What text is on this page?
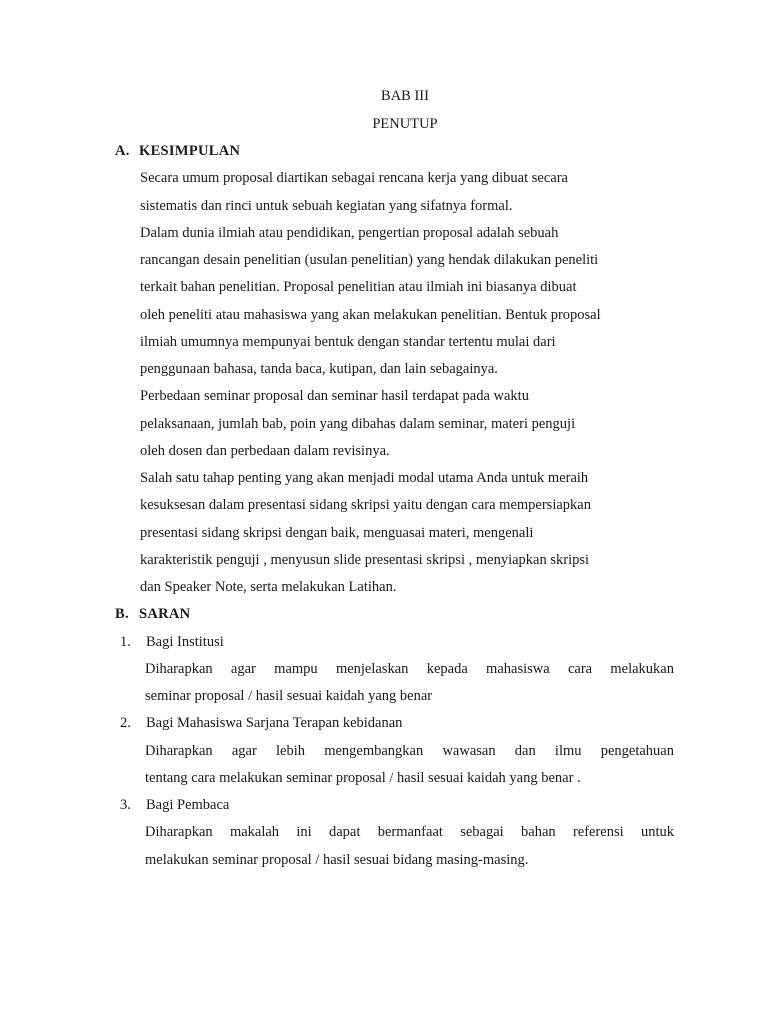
BAB III
PENUTUP
A. KESIMPULAN
Secara umum proposal diartikan sebagai rencana kerja yang dibuat secara
sistematis dan rinci untuk sebuah kegiatan yang sifatnya formal.
Dalam dunia ilmiah atau pendidikan, pengertian proposal adalah sebuah
rancangan desain penelitian (usulan penelitian) yang hendak dilakukan peneliti
terkait bahan penelitian. Proposal penelitian atau ilmiah ini biasanya dibuat
oleh peneliti atau mahasiswa yang akan melakukan penelitian. Bentuk proposal
ilmiah umumnya mempunyai bentuk dengan standar tertentu mulai dari
penggunaan bahasa, tanda baca, kutipan, dan lain sebagainya.
Perbedaan seminar proposal dan seminar hasil terdapat pada waktu
pelaksanaan, jumlah bab, poin yang dibahas dalam seminar, materi penguji
oleh dosen dan perbedaan dalam revisinya.
Salah satu tahap penting yang akan menjadi modal utama Anda untuk meraih
kesuksesan dalam presentasi sidang skripsi yaitu dengan cara mempersiapkan
presentasi sidang skripsi dengan baik, menguasai materi, mengenali
karakteristik penguji , menyusun slide presentasi skripsi , menyiapkan skripsi
dan Speaker Note, serta melakukan Latihan.
B. SARAN
1. Bagi Institusi
Diharapkan agar mampu menjelaskan kepada mahasiswa cara melakukan
seminar proposal / hasil sesuai kaidah yang benar
2. Bagi Mahasiswa Sarjana Terapan kebidanan
Diharapkan agar lebih mengembangkan wawasan dan ilmu pengetahuan
tentang cara melakukan seminar proposal / hasil sesuai kaidah yang benar .
3. Bagi Pembaca
Diharapkan makalah ini dapat bermanfaat sebagai bahan referensi untuk
melakukan seminar proposal / hasil sesuai bidang masing-masing.
